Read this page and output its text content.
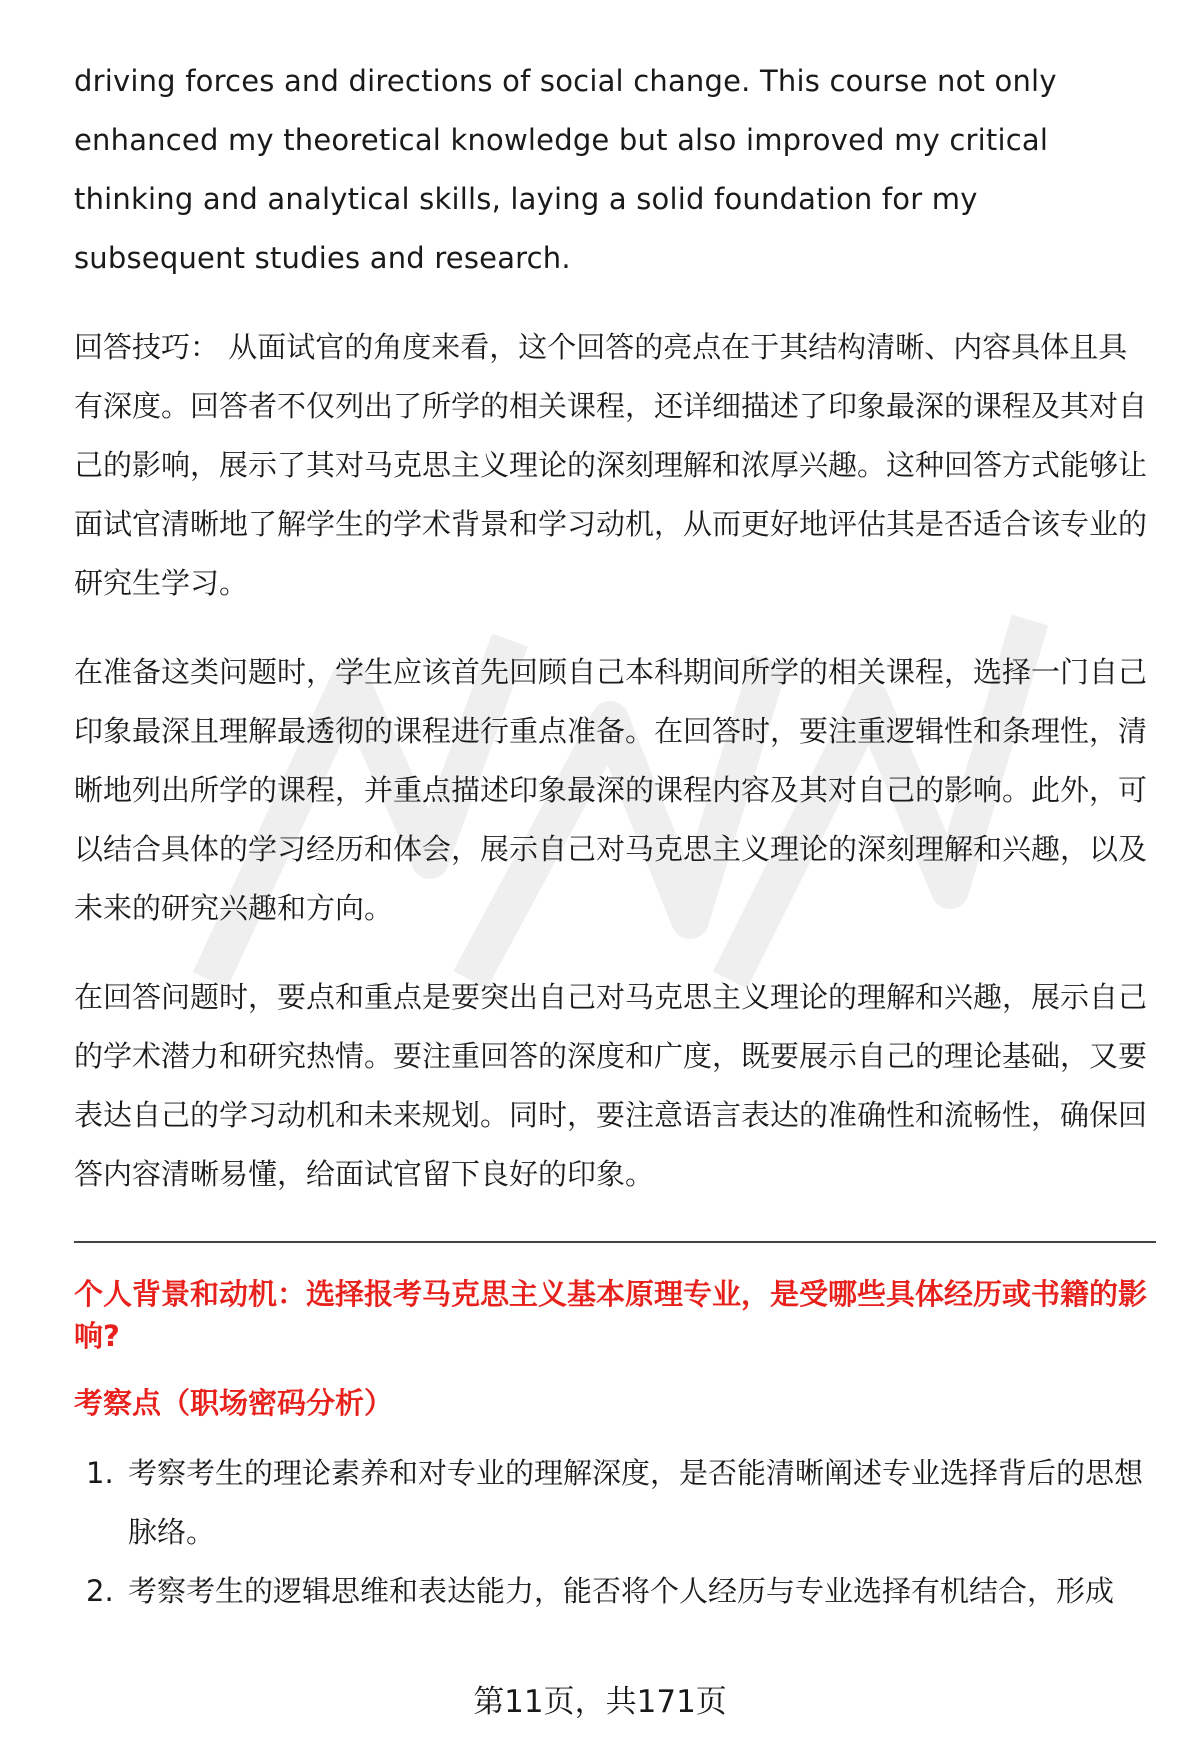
driving forces and directions of social change. This course not only enhanced my theoretical knowledge but also improved my critical thinking and analytical skills, laying a solid foundation for my subsequent studies and research.

回答技巧： 从面试官的角度来看，这个回答的亮点在于其结构清晰、内容具体且具有深度。回答者不仅列出了所学的相关课程，还详细描述了印象最深的课程及其对自己的影响，展示了其对马克思主义理论的深刻理解和浓厚兴趣。这种回答方式能够让面试官清晰地了解学生的学术背景和学习动机，从而更好地评估其是否适合该专业的研究生学习。

在准备这类问题时，学生应该首先回顾自己本科期间所学的相关课程，选择一门自己印象最深且理解最透彻的课程进行重点准备。在回答时，要注重逻辑性和条理性，清晰地列出所学的课程，并重点描述印象最深的课程内容及其对自己的影响。此外，可以结合具体的学习经历和体会，展示自己对马克思主义理论的深刻理解和兴趣，以及未来的研究兴趣和方向。

在回答问题时，要点和重点是要突出自己对马克思主义理论的理解和兴趣，展示自己的学术潜力和研究热情。要注重回答的深度和广度，既要展示自己的理论基础，又要表达自己的学习动机和未来规划。同时，要注意语言表达的准确性和流畅性，确保回答内容清晰易懂，给面试官留下良好的印象。

个人背景和动机：选择报考马克思主义基本原理专业，是受哪些具体经历或书籍的影响?

考察点（职场密码分析）

1. 考察考生的理论素养和对专业的理解深度，是否能清晰阐述专业选择背后的思想脉络。
2. 考察考生的逻辑思维和表达能力，能否将个人经历与专业选择有机结合，形成
第11页，共171页
